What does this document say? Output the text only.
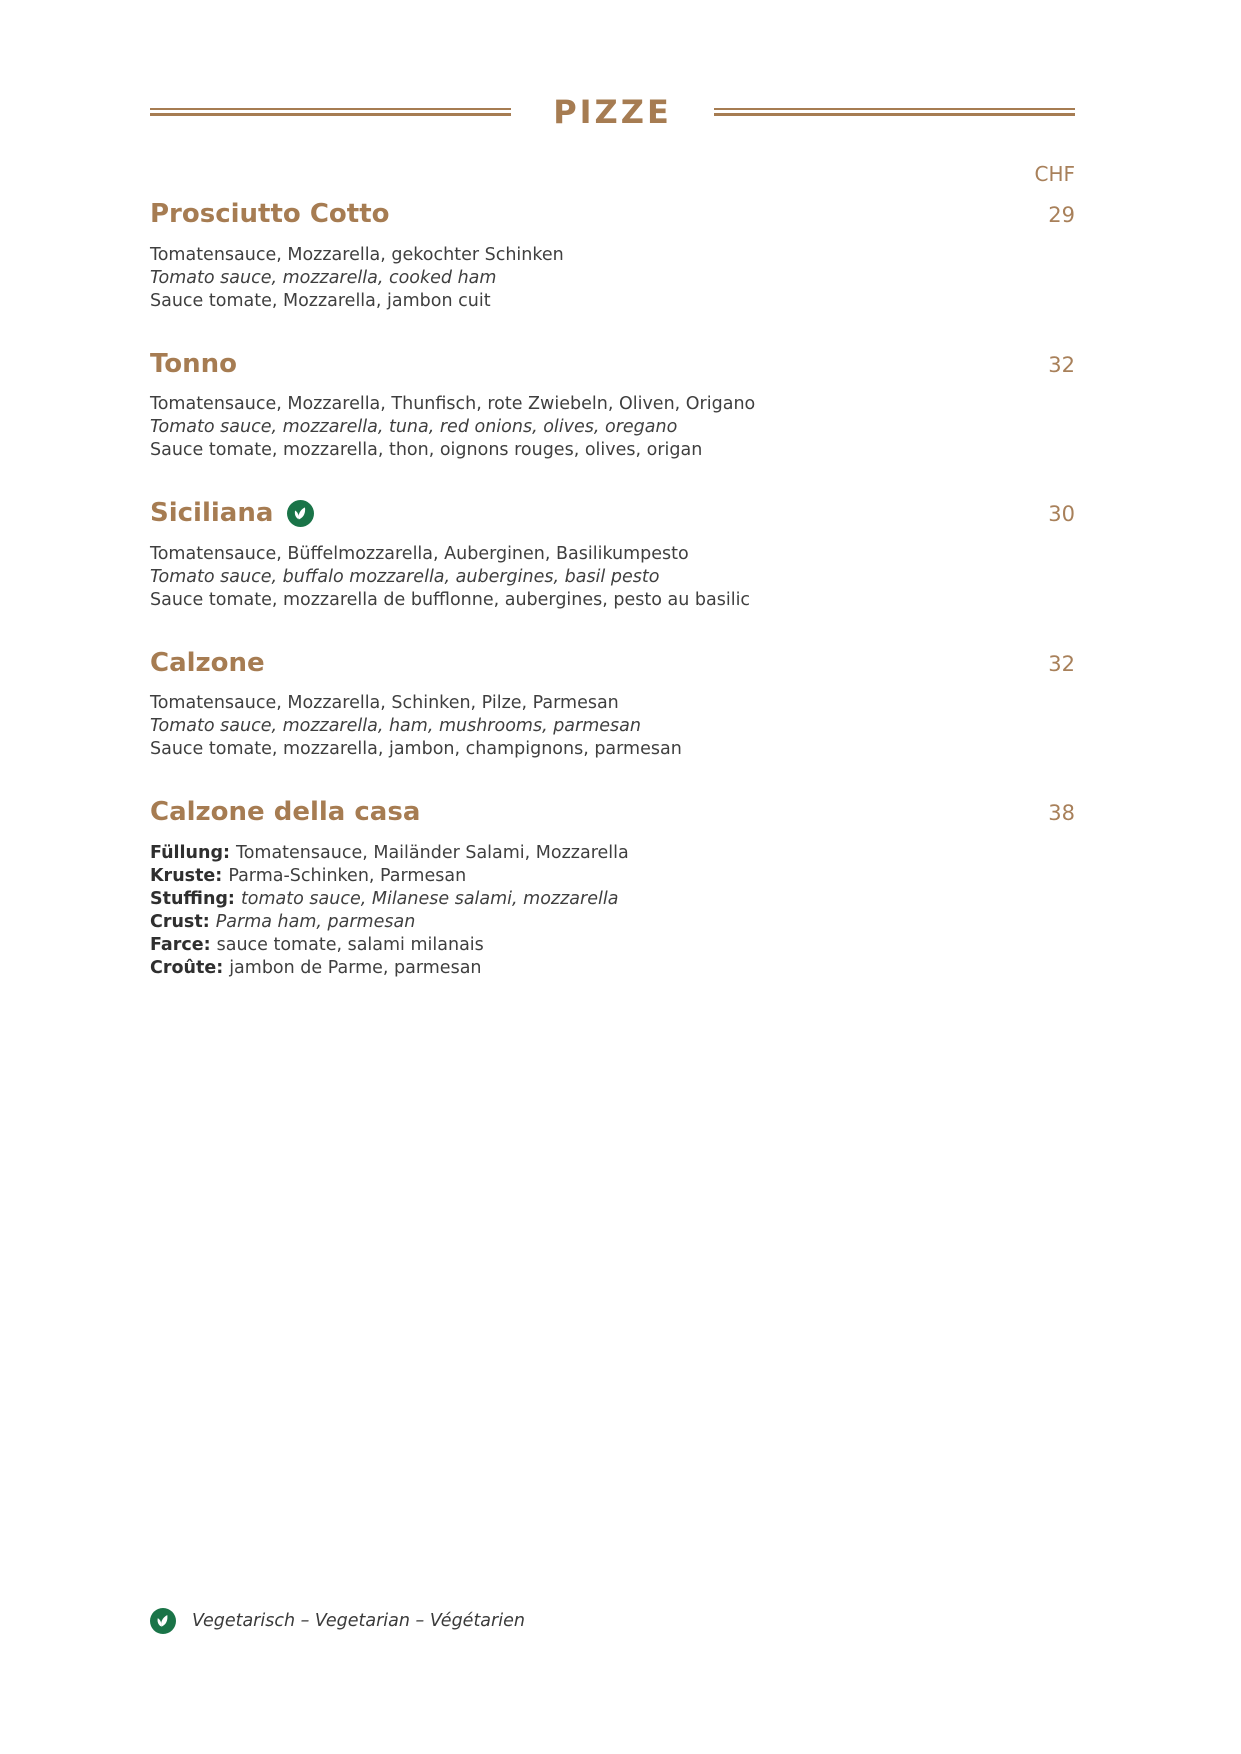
PIZZE

CHF

Prosciutto Cotto	29

Tomatensauce, Mozzarella, gekochter Schinken

Tomato sauce, mozzarella, cooked ham

Sauce tomate, Mozzarella, jambon cuit

Tonno	32

Tomatensauce, Mozzarella, Thunfisch, rote Zwiebeln, Oliven, Origano

Tomato sauce, mozzarella, tuna, red onions, olives, oregano

Sauce tomate, mozzarella, thon, oignons rouges, olives, origan

Siciliana	30

Tomatensauce, Büffelmozzarella, Auberginen, Basilikumpesto

Tomato sauce, buffalo mozzarella, aubergines, basil pesto

Sauce tomate, mozzarella de bufflonne, aubergines, pesto au basilic

Calzone	32

Tomatensauce, Mozzarella, Schinken, Pilze, Parmesan

Tomato sauce, mozzarella, ham, mushrooms, parmesan

Sauce tomate, mozzarella, jambon, champignons, parmesan

Calzone della casa	38

Füllung: Tomatensauce, Mailänder Salami, Mozzarella

Kruste: Parma-Schinken, Parmesan

Stuffing: tomato sauce, Milanese salami, mozzarella

Crust: Parma ham, parmesan

Farce: sauce tomate, salami milanais

Croûte: jambon de Parme, parmesan

Vegetarisch – Vegetarian – Végétarien
